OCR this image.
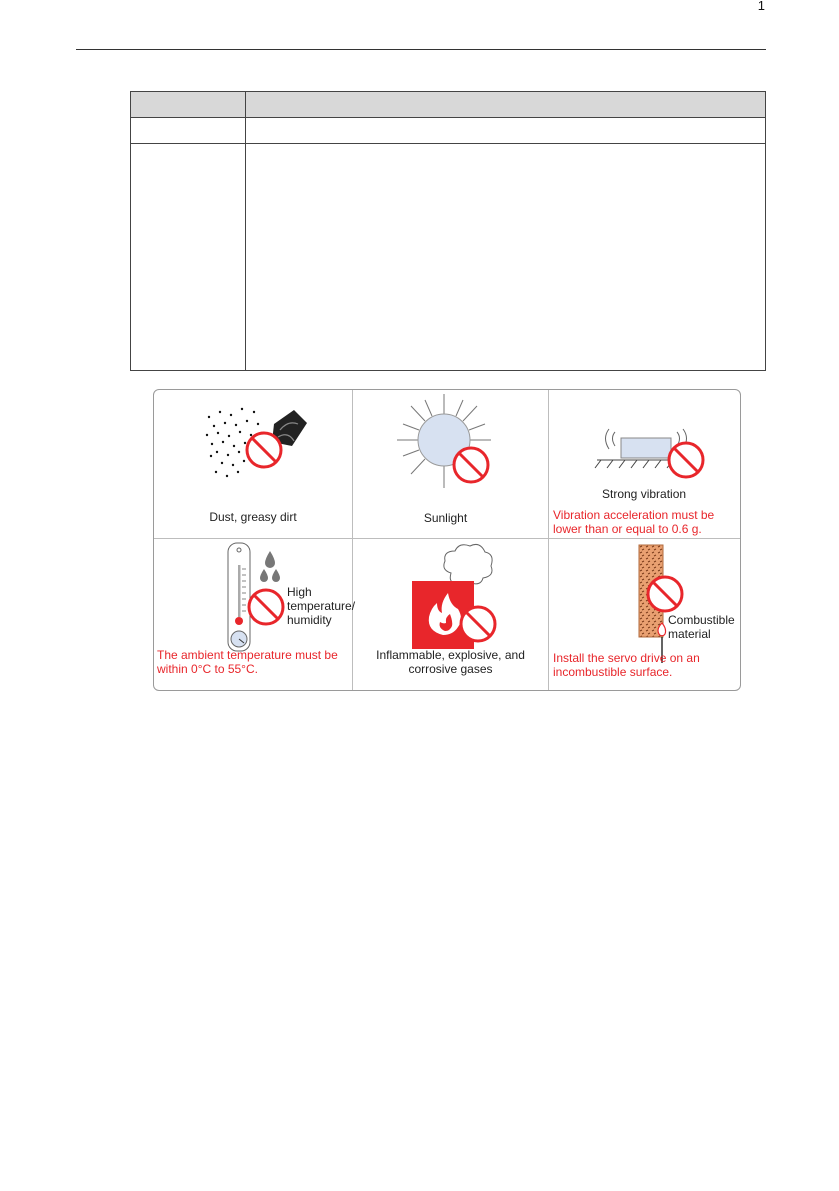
1

Dust, greasy dirt	Sunlight
Strong vibration
Vibration acceleration must be
lower than or equal to 0.6 g.
High
temperature/
humidity
The ambient temperature must be
within 0°C to 55°C.
Inflammable, explosive, and
corrosive gases
Combustible
material
Install the servo drive on an
incombustible surface.
